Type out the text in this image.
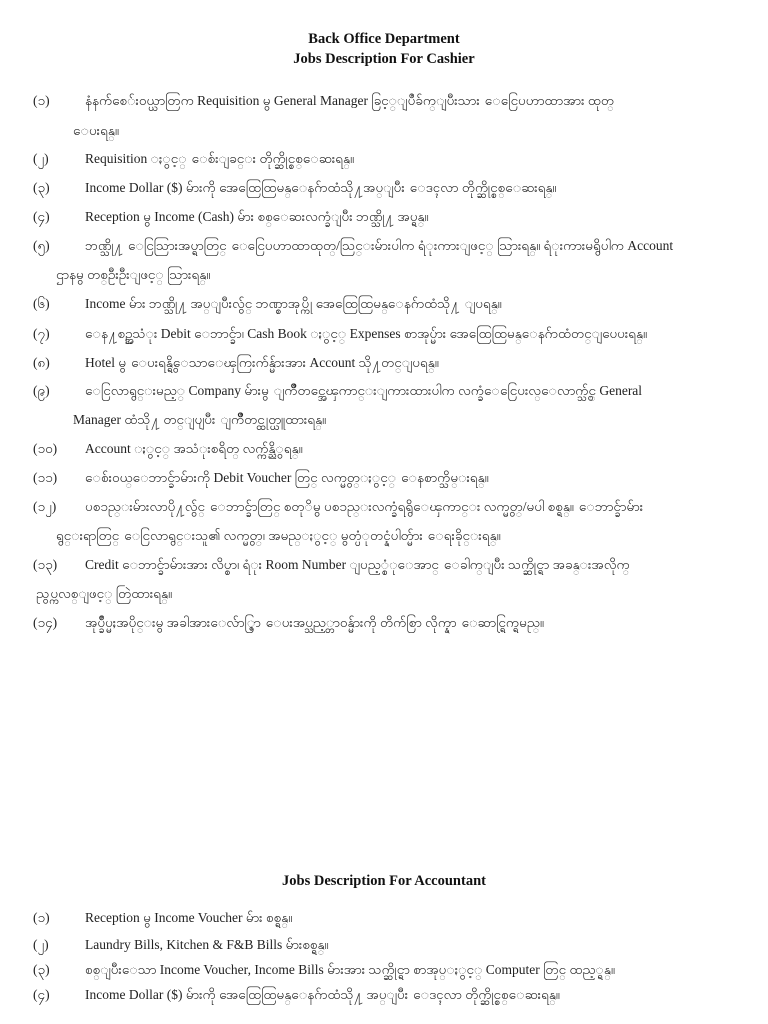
Back Office Department
Jobs Description For Cashier
(၁)	နံနက်စေ်းဝယ္ယာတြက Requisition မွ General Manager ခြင့္ျပဳခ်က္ျပီးသား ေငြေပဟာ​ထာအား ထုတ္
ေပးရန္။
(၂)	Requisition ႏွင့္ ေစ်းျခင္း တိုက္ဆိုင္စစ္ေဆးရန္။
(၃)	Income Dollar ($) မ်ားကို အေထြေထြမန္ေနဂ်ာထံသို႔အပ္ျပီး ေဒၚလာ တိုက္ဆိုင္စစ္ေဆးရန္။
(၄)	Reception မွ Income (Cash) မ်ား စစ္ေဆးလက္ခံျပီး ဘဏ္သို႔ အပ္ရန္။
(၅)	ဘဏ္သို႔ ေငြသြားအပ္ရာတြင္ ေငြေပဟာထာထုတ္/သြင္းမ်ားပါက ရံုးကားျဖင့္ သြားရန္။ ရံုးကားမရွိပါက Account
ဌာနမွ တစ္ဦးဦးျဖင့္ သြားရန္။
(၆)	Income မ်ား ဘဏ္သို႔ အပ္ျပီးလွ်င္ ဘဏ္စာအုပ္ကို အေထြေထြမန္ေနဂ်ာထံသို႔ ျပရန္။
(၇)	ေန႔စဥ္အသံုး Debit ေဘာင္ခ်ာ၊ Cash Book ႏွင့္ Expenses စာအုပ္မ်ား အေထြေထြမန္ေနဂ်ာထံတင္ျပေပးရန္။
(၈)	Hotel မွ ေပးရန္ရွိေသာေၾကြးက်န္မ်ားအား Account သို႔တင္ျပရန္။
(၉)	ေငြလာရွင္းမည့္ Company မ်ားမွ ျကိဳတင္အေၾကာင္းျကားထားပါက လက္ခံေငြေပးလ္ေလာက္သွ်င္ General
Manager ထံသို႔ တင္ျပျပီး ျကိဳတင္ထုတ္ယူထားရန္။
(၁၀) Account ႏွင့္ အသံုးစရိတ္ လက္က်န္ညိွရန္။
(၁၁) ေစ်းဝယ္ေဘာင္ခ်ာမ်ားကို Debit Voucher တြင္ လက္မွတ္ႏွင့္ ေနစာက္သိမ္းရန္။
(၁၂) ပစၥည္းမ်ားလာပို႔လွ်င္ ေဘာင္ခ်ာတြင္ စတုိမွ ပစၥည္းလက္ခံရရွိေၾကာင္း လက္မွတ္/မပါ စစ္ရန္။ ေဘာင္ခ်ာမ်ား
ရွင္းရာတြင္ ေငြလာရွင္းသူ၏ လက္မွတ္၊ အမည္ႏွင့္ မွတ္ပံုတင္နံပါတ္မ်ား ေရးခိုင္းရန္။
(၁၃) Credit ေဘာင္ခ်ာမ်ားအား လိပ္စာ၊ ရံုး Room Number ျပည့္စံုေအာင္ ေခါက္ျပီး သက္ဆိုင္ရာ အခန္းအလိုက္
ညွပ္ကလစ္ျဖင့္ တြဲထားရန္။
(၁၄) အုပ္ခ်ဳပ္မႈအပိုင္းမွ အခါအားေလ်ာ္စြာ ေပးအပ္သည့္တာဝန္မ်ားကို တိက်စြာ လိုက္နာ ေဆာင္ရြက္ရမည္။
Jobs Description For Accountant
(၁)	Reception မွ Income Voucher မ်ား စစ္ရန္။
(၂)	Laundry Bills, Kitchen & F&B Bills မ်ားစစ္ရန္။
(၃)	စစ္ျပီးေသာ Income Voucher, Income Bills မ်ားအား သက္ဆိုင္ရာ စာအုပ္ႏွင့္ Computer တြင္ ထည့္ရန္။
(၄)	Income Dollar ($) မ်ားကို အေထြေထြမန္ေနဂ်ာထံသို႔ အပ္ျပီး ေဒၚလာ တိုက္ဆိုင္စစ္ေဆးရန္။
